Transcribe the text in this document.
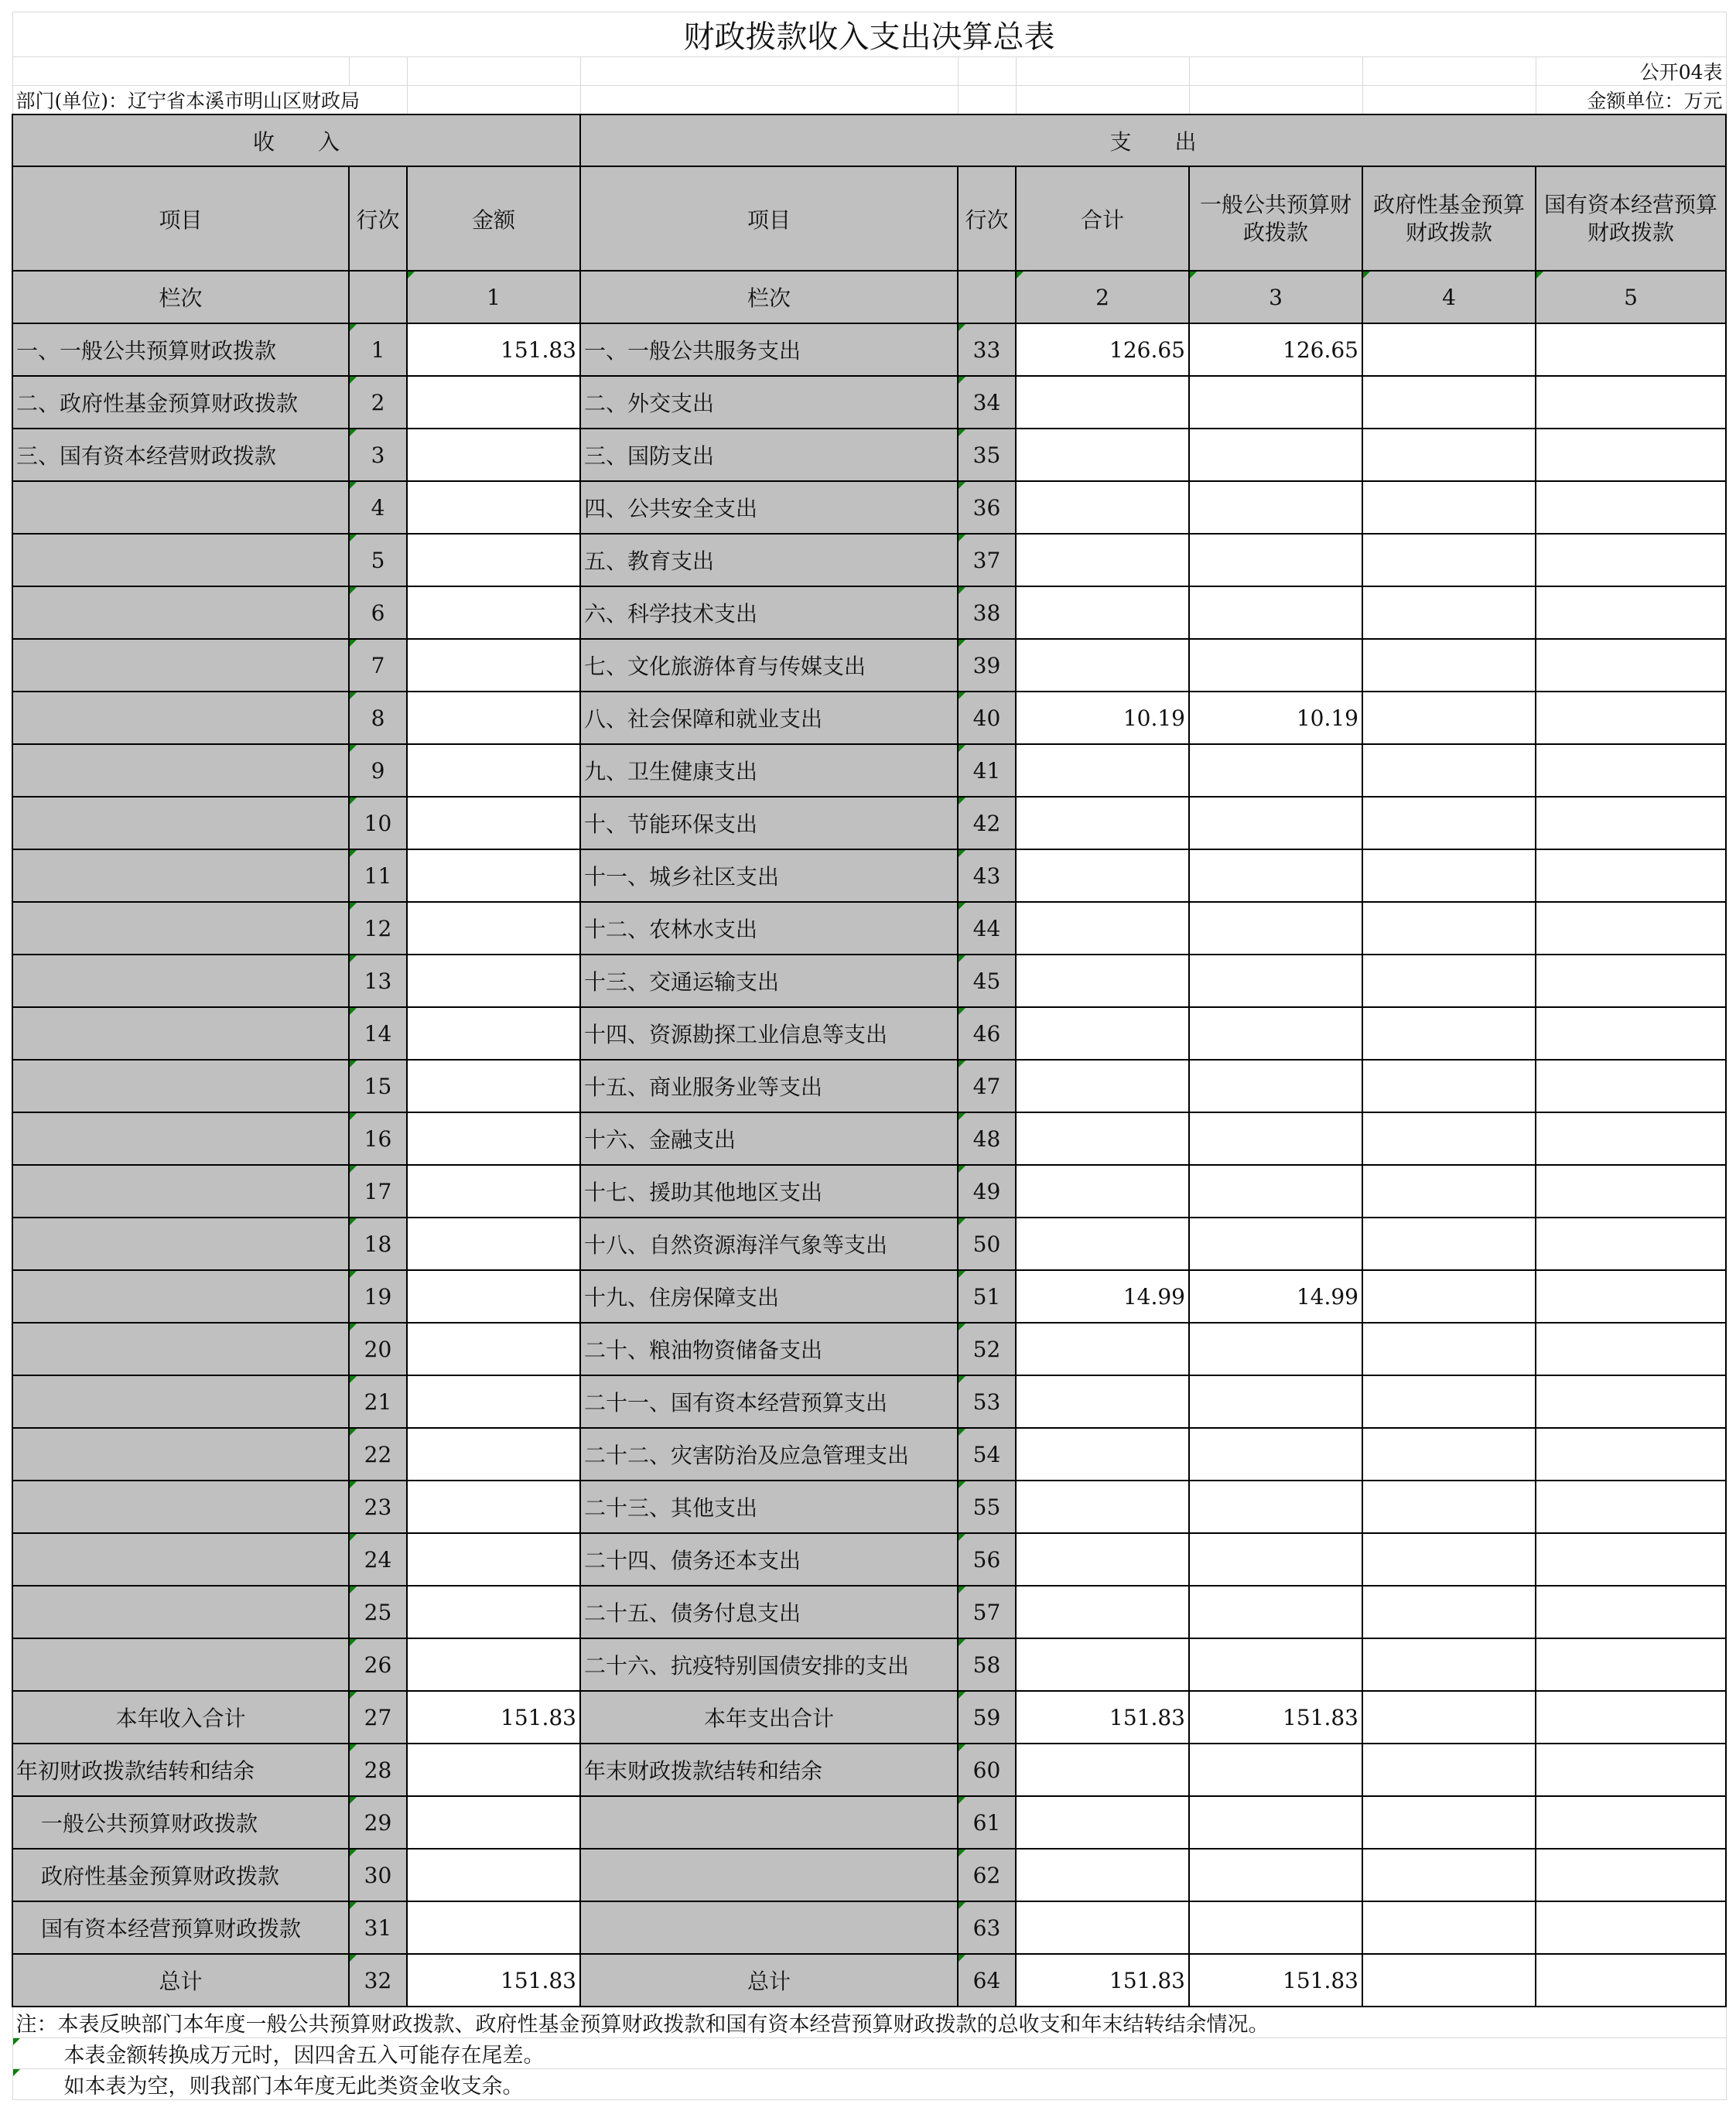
财政拨款收入支出决算总表								
								公开04表
部门(单位)：辽宁省本溪市明山区财政局								金额单位：万元
收　　入			支　　出					
项目	行次	金额	项目	行次	合计	一般公共预算财政拨款	政府性基金预算财政拨款	国有资本经营预算财政拨款
栏次		1	栏次		2	3	4	5
一、一般公共预算财政拨款	1	151.83	一、一般公共服务支出	33	126.65	126.65		
二、政府性基金预算财政拨款	2		二、外交支出	34				
三、国有资本经营财政拨款	3		三、国防支出	35				
	4		四、公共安全支出	36				
	5		五、教育支出	37				
	6		六、科学技术支出	38				
	7		七、文化旅游体育与传媒支出	39				
	8		八、社会保障和就业支出	40	10.19	10.19		
	9		九、卫生健康支出	41				
	10		十、节能环保支出	42				
	11		十一、城乡社区支出	43				
	12		十二、农林水支出	44				
	13		十三、交通运输支出	45				
	14		十四、资源勘探工业信息等支出	46				
	15		十五、商业服务业等支出	47				
	16		十六、金融支出	48				
	17		十七、援助其他地区支出	49				
	18		十八、自然资源海洋气象等支出	50				
	19		十九、住房保障支出	51	14.99	14.99		
	20		二十、粮油物资储备支出	52				
	21		二十一、国有资本经营预算支出	53				
	22		二十二、灾害防治及应急管理支出	54				
	23		二十三、其他支出	55				
	24		二十四、债务还本支出	56				
	25		二十五、债务付息支出	57				
	26		二十六、抗疫特别国债安排的支出	58				
本年收入合计	27	151.83	本年支出合计	59	151.83	151.83		
年初财政拨款结转和结余	28		年末财政拨款结转和结余	60				
一般公共预算财政拨款	29			61				
政府性基金预算财政拨款	30			62				
国有资本经营预算财政拨款	31			63				
总计	32	151.83	总计	64	151.83	151.83		
注：本表反映部门本年度一般公共预算财政拨款、政府性基金预算财政拨款和国有资本经营预算财政拨款的总收支和年末结转结余情况。								
本表金额转换成万元时，因四舍五入可能存在尾差。								
如本表为空，则我部门本年度无此类资金收支余。								
